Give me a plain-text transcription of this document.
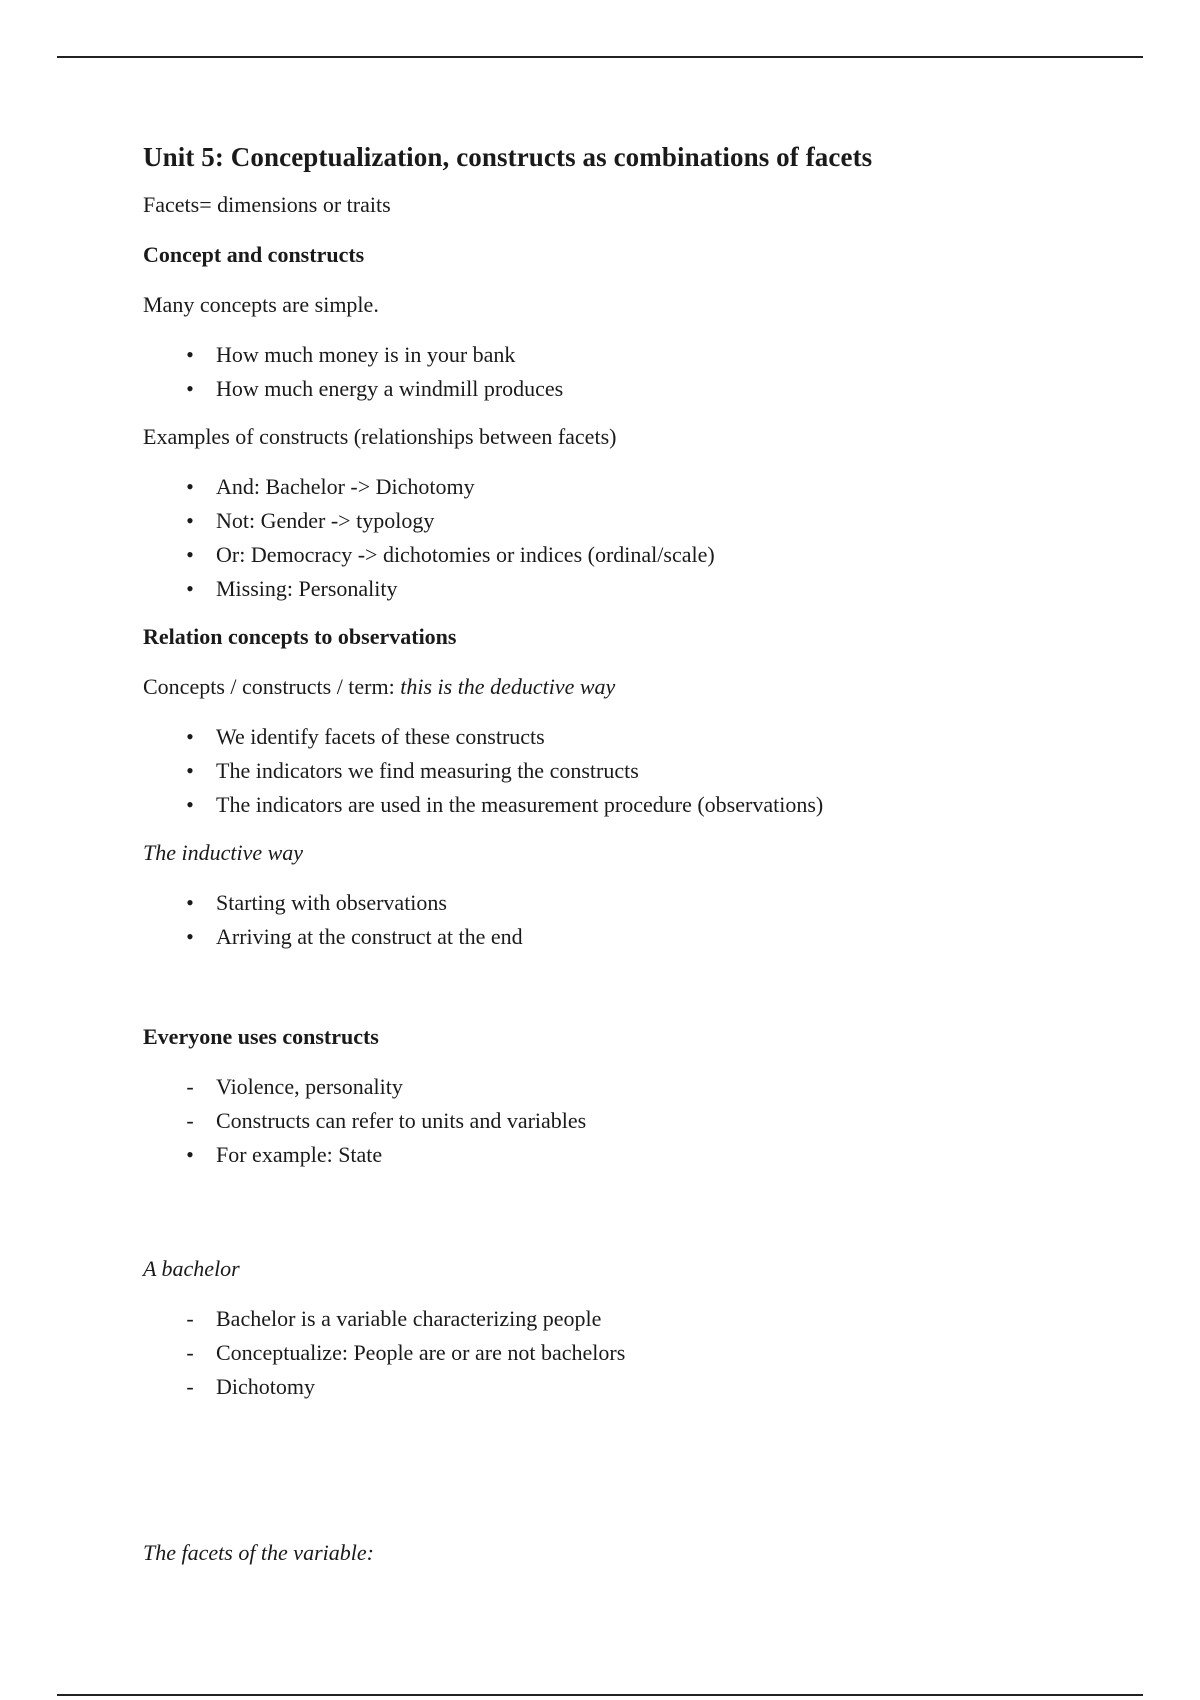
Unit 5: Conceptualization, constructs as combinations of facets
Facets= dimensions or traits
Concept and constructs
Many concepts are simple.
• How much money is in your bank
• How much energy a windmill produces
Examples of constructs (relationships between facets)
• And: Bachelor -> Dichotomy
• Not: Gender -> typology
• Or: Democracy -> dichotomies or indices (ordinal/scale)
• Missing: Personality
Relation concepts to observations
Concepts / constructs / term: this is the deductive way
• We identify facets of these constructs
• The indicators we find measuring the constructs
• The indicators are used in the measurement procedure (observations)
The inductive way
• Starting with observations
• Arriving at the construct at the end
Everyone uses constructs
- Violence, personality
- Constructs can refer to units and variables
• For example: State
A bachelor
- Bachelor is a variable characterizing people
- Conceptualize: People are or are not bachelors
- Dichotomy
The facets of the variable:
